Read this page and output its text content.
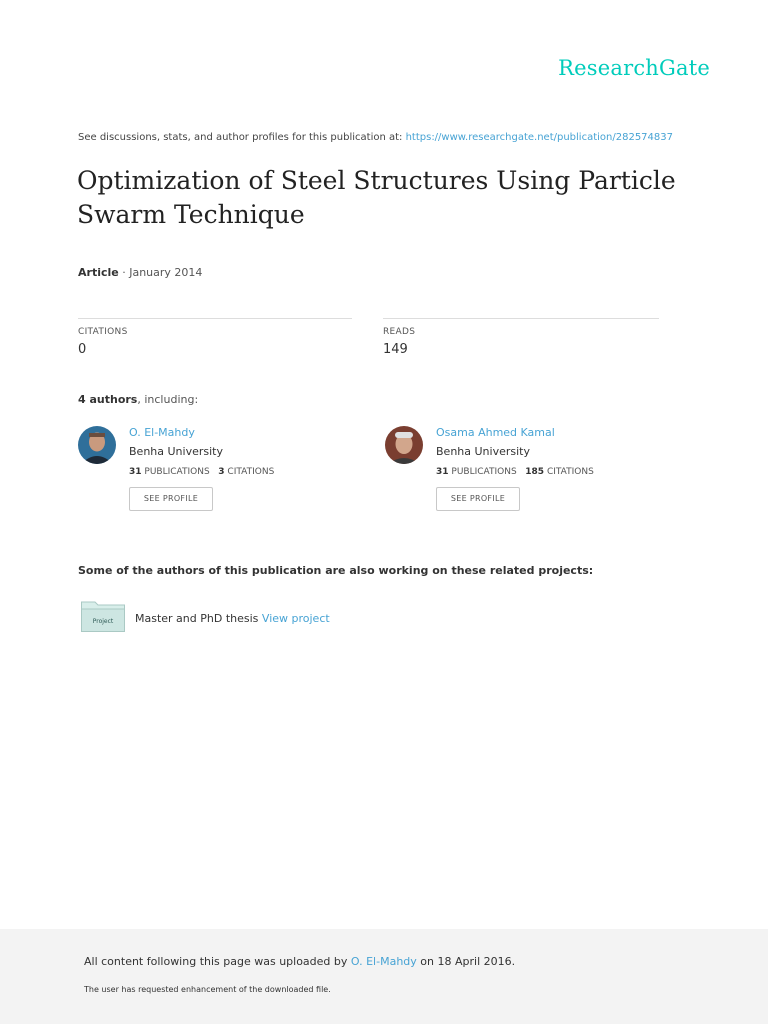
ResearchGate
See discussions, stats, and author profiles for this publication at: https://www.researchgate.net/publication/282574837
Optimization of Steel Structures Using Particle Swarm Technique
Article · January 2014
CITATIONS
0
READS
149
4 authors, including:
O. El-Mahdy
Benha University
31 PUBLICATIONS 3 CITATIONS
SEE PROFILE
Osama Ahmed Kamal
Benha University
31 PUBLICATIONS 185 CITATIONS
SEE PROFILE
Some of the authors of this publication are also working on these related projects:
Project Master and PhD thesis View project
All content following this page was uploaded by O. El-Mahdy on 18 April 2016.
The user has requested enhancement of the downloaded file.
